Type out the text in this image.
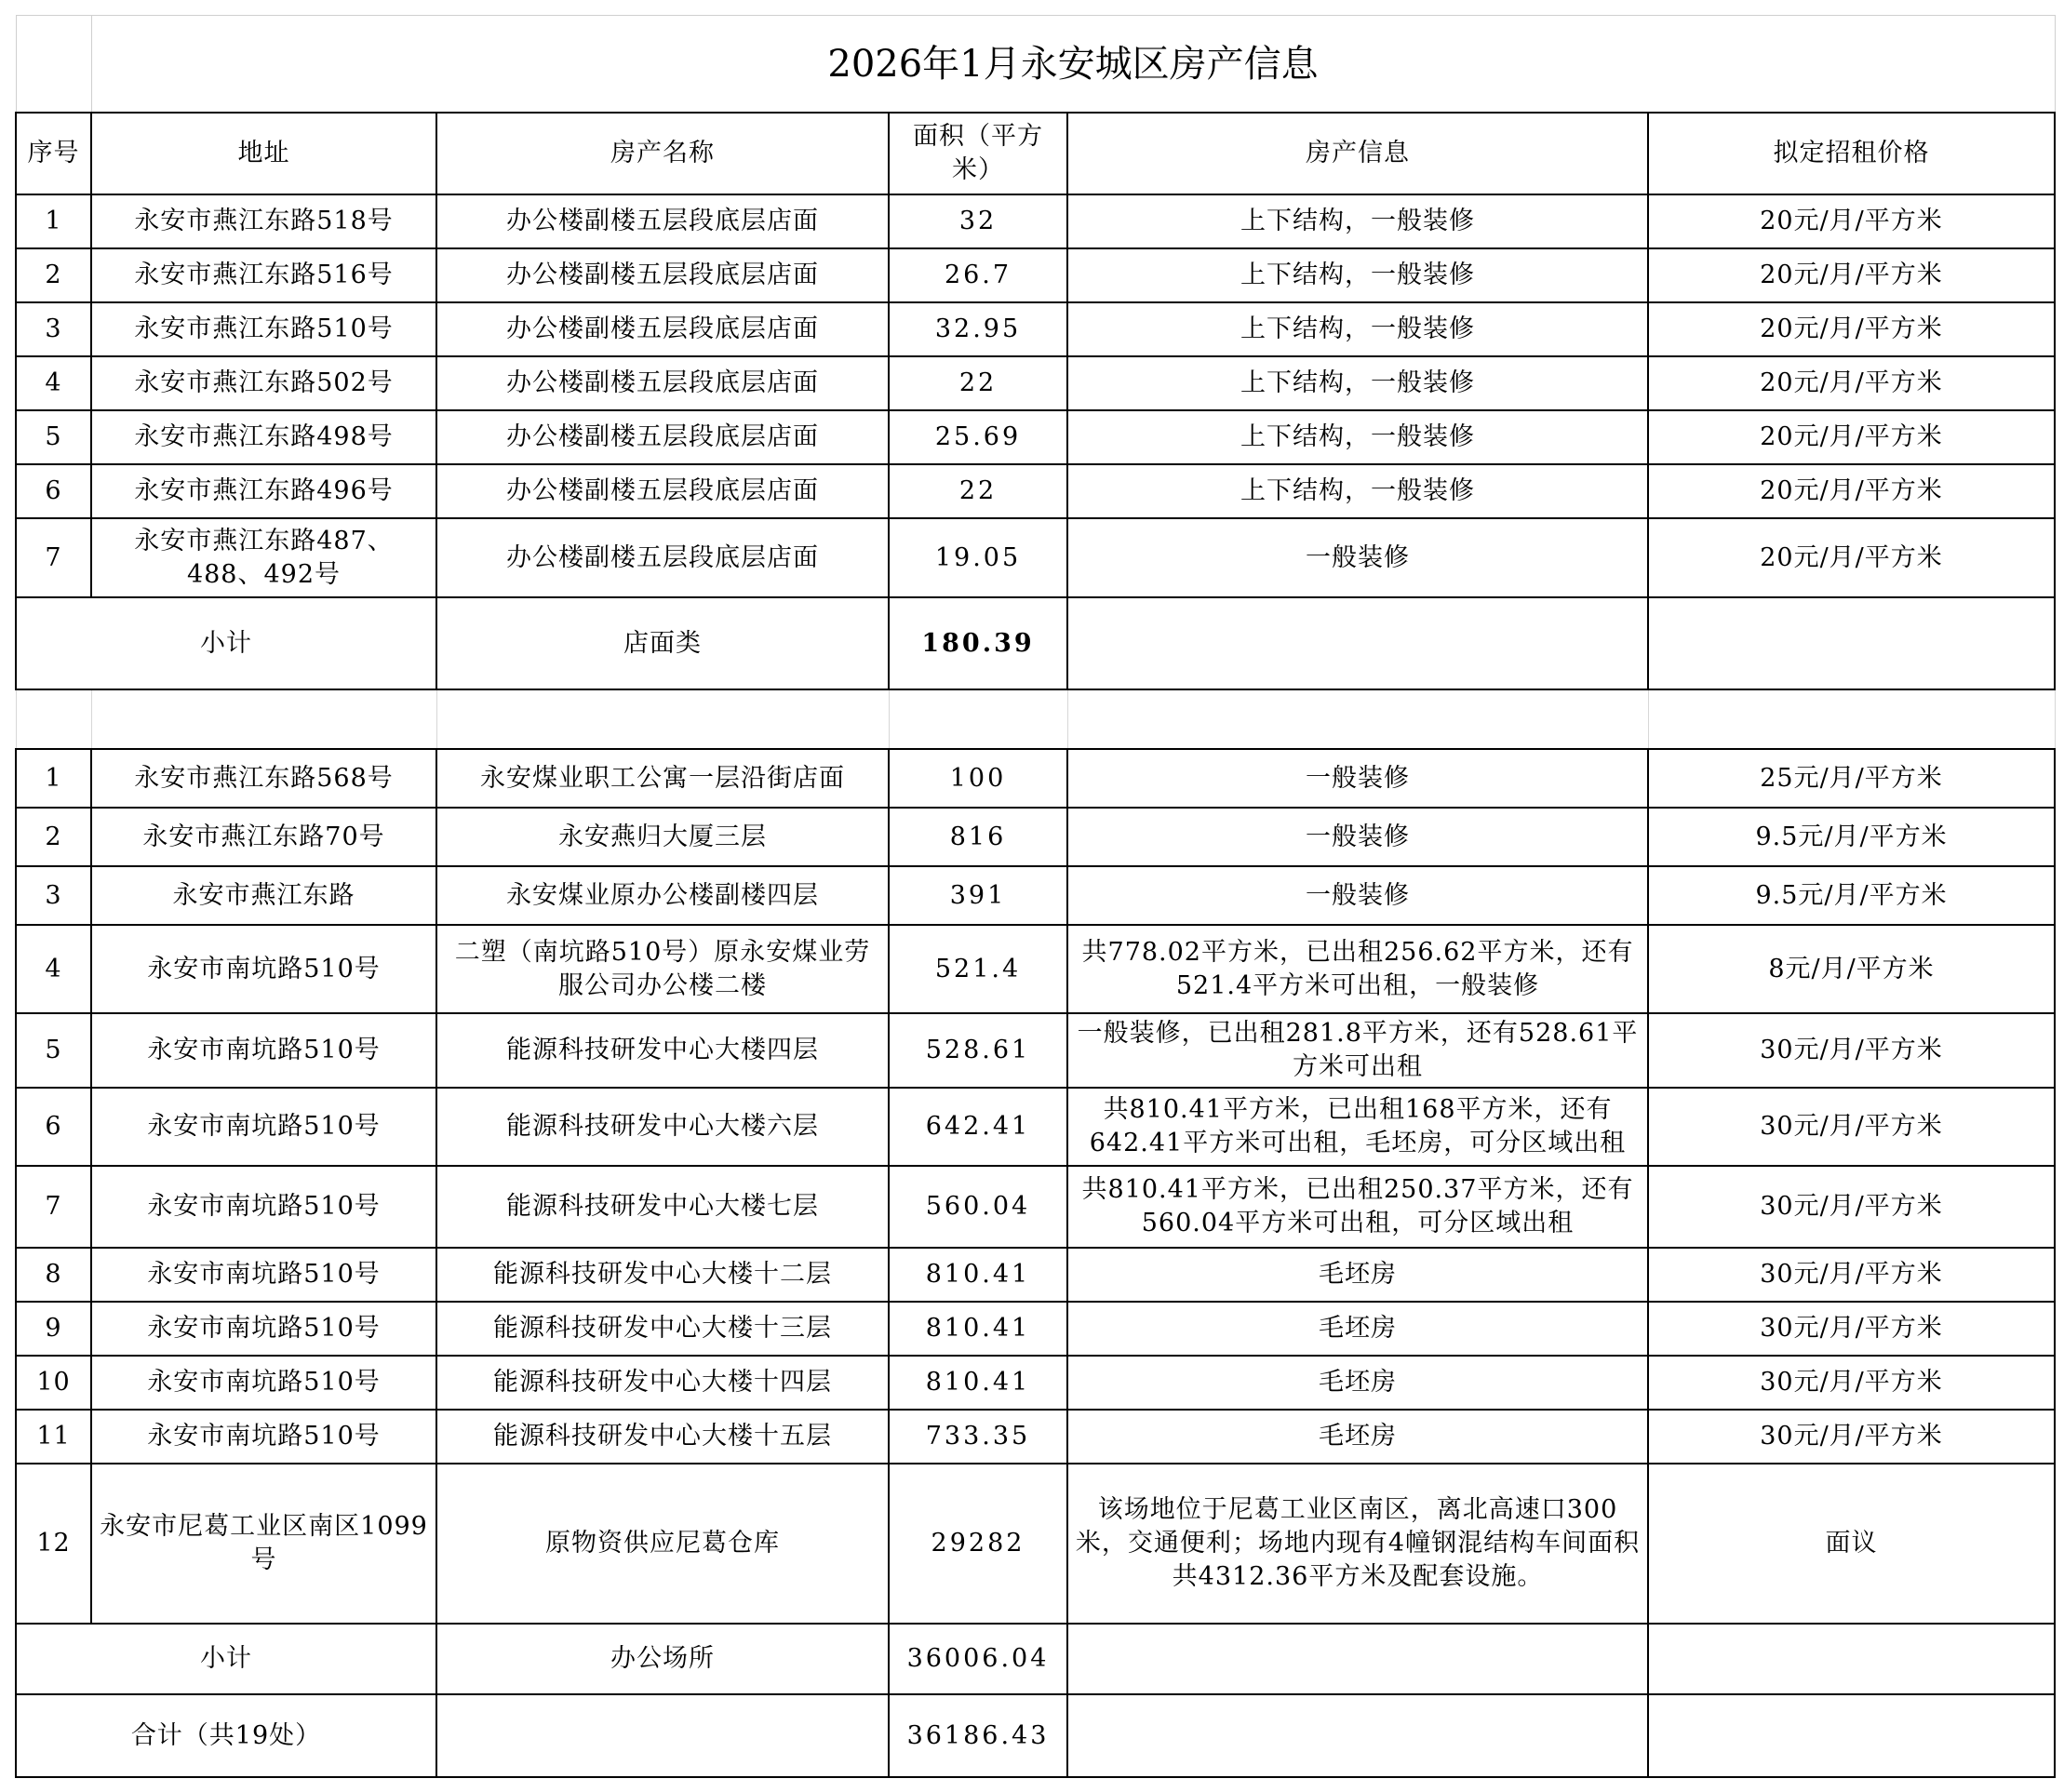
	2026年1月永安城区房产信息				
序号	地址	房产名称	面积（平方米）	房产信息	拟定招租价格
1	永安市燕江东路518号	办公楼副楼五层段底层店面	32	上下结构，一般装修	20元/月/平方米
2	永安市燕江东路516号	办公楼副楼五层段底层店面	26.7	上下结构，一般装修	20元/月/平方米
3	永安市燕江东路510号	办公楼副楼五层段底层店面	32.95	上下结构，一般装修	20元/月/平方米
4	永安市燕江东路502号	办公楼副楼五层段底层店面	22	上下结构，一般装修	20元/月/平方米
5	永安市燕江东路498号	办公楼副楼五层段底层店面	25.69	上下结构，一般装修	20元/月/平方米
6	永安市燕江东路496号	办公楼副楼五层段底层店面	22	上下结构，一般装修	20元/月/平方米
7	永安市燕江东路487、488、492号	办公楼副楼五层段底层店面	19.05	一般装修	20元/月/平方米
小计		店面类	180.39		

1	永安市燕江东路568号	永安煤业职工公寓一层沿街店面	100	一般装修	25元/月/平方米
2	永安市燕江东路70号	永安燕归大厦三层	816	一般装修	9.5元/月/平方米
3	永安市燕江东路	永安煤业原办公楼副楼四层	391	一般装修	9.5元/月/平方米
4	永安市南坑路510号	二塑（南坑路510号）原永安煤业劳服公司办公楼二楼	521.4	共778.02平方米，已出租256.62平方米，还有521.4平方米可出租，一般装修	8元/月/平方米
5	永安市南坑路510号	能源科技研发中心大楼四层	528.61	一般装修，已出租281.8平方米，还有528.61平方米可出租	30元/月/平方米
6	永安市南坑路510号	能源科技研发中心大楼六层	642.41	共810.41平方米，已出租168平方米，还有642.41平方米可出租，毛坯房，可分区域出租	30元/月/平方米
7	永安市南坑路510号	能源科技研发中心大楼七层	560.04	共810.41平方米，已出租250.37平方米，还有560.04平方米可出租，可分区域出租	30元/月/平方米
8	永安市南坑路510号	能源科技研发中心大楼十二层	810.41	毛坯房	30元/月/平方米
9	永安市南坑路510号	能源科技研发中心大楼十三层	810.41	毛坯房	30元/月/平方米
10	永安市南坑路510号	能源科技研发中心大楼十四层	810.41	毛坯房	30元/月/平方米
11	永安市南坑路510号	能源科技研发中心大楼十五层	733.35	毛坯房	30元/月/平方米
12	永安市尼葛工业区南区1099号	原物资供应尼葛仓库	29282	该场地位于尼葛工业区南区，离北高速口300米，交通便利；场地内现有4幢钢混结构车间面积共4312.36平方米及配套设施。	面议
小计		办公场所	36006.04		
合计（共19处）			36186.43		
